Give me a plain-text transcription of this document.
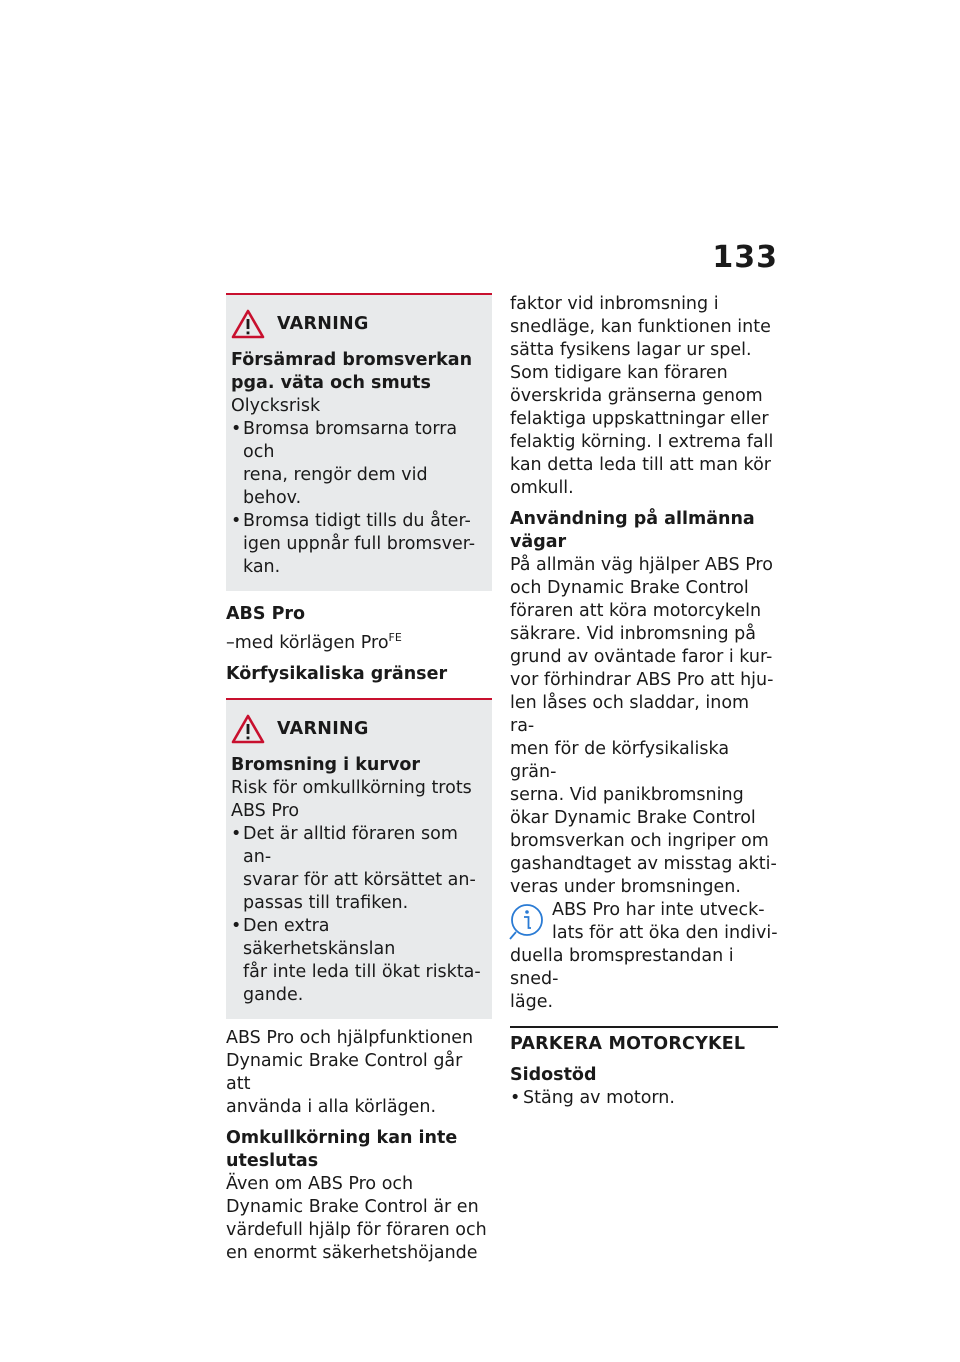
133
VARNING

Försämrad bromsverkan

pga. väta och smuts

Olycksrisk

• Bromsa bromsarna torra och
rena, rengör dem vid behov.
• Bromsa tidigt tills du åter-
igen uppnår full bromsver-
kan.

ABS Pro

–med körlägen Pro$^{FE}$

Körfysikaliska gränser

VARNING

Bromsning i kurvor

Risk för omkullkörning trots

ABS Pro

• Det är alltid föraren som an-
svarar för att körsättet an-
passas till trafiken.
• Den extra säkerhetskänslan
får inte leda till ökat riskta-
gande.

ABS Pro och hjälpfunktionen

Dynamic Brake Control går att

använda i alla körlägen.

Omkullkörning kan inte

uteslutas

Även om ABS Pro och

Dynamic Brake Control är en

värdefull hjälp för föraren och

en enormt säkerhetshöjande

faktor vid inbromsning i

snedläge, kan funktionen inte

sätta fysikens lagar ur spel.

Som tidigare kan föraren

överskrida gränserna genom

felaktiga uppskattningar eller

felaktig körning. I extrema fall

kan detta leda till att man kör

omkull.

Användning på allmänna

vägar

På allmän väg hjälper ABS Pro

och Dynamic Brake Control

föraren att köra motorcykeln

säkrare. Vid inbromsning på

grund av oväntade faror i kur-

vor förhindrar ABS Pro att hju-

len låses och sladdar, inom ra-

men för de körfysikaliska grän-

serna. Vid panikbromsning

ökar Dynamic Brake Control

bromsverkan och ingriper om

gashandtaget av misstag akti-

veras under bromsningen.

ABS Pro har inte utveck-

lats för att öka den indivi-

duella bromsprestandan i sned-

läge.

PARKERA MOTORCYKEL

Sidostöd

• Stäng av motorn.
